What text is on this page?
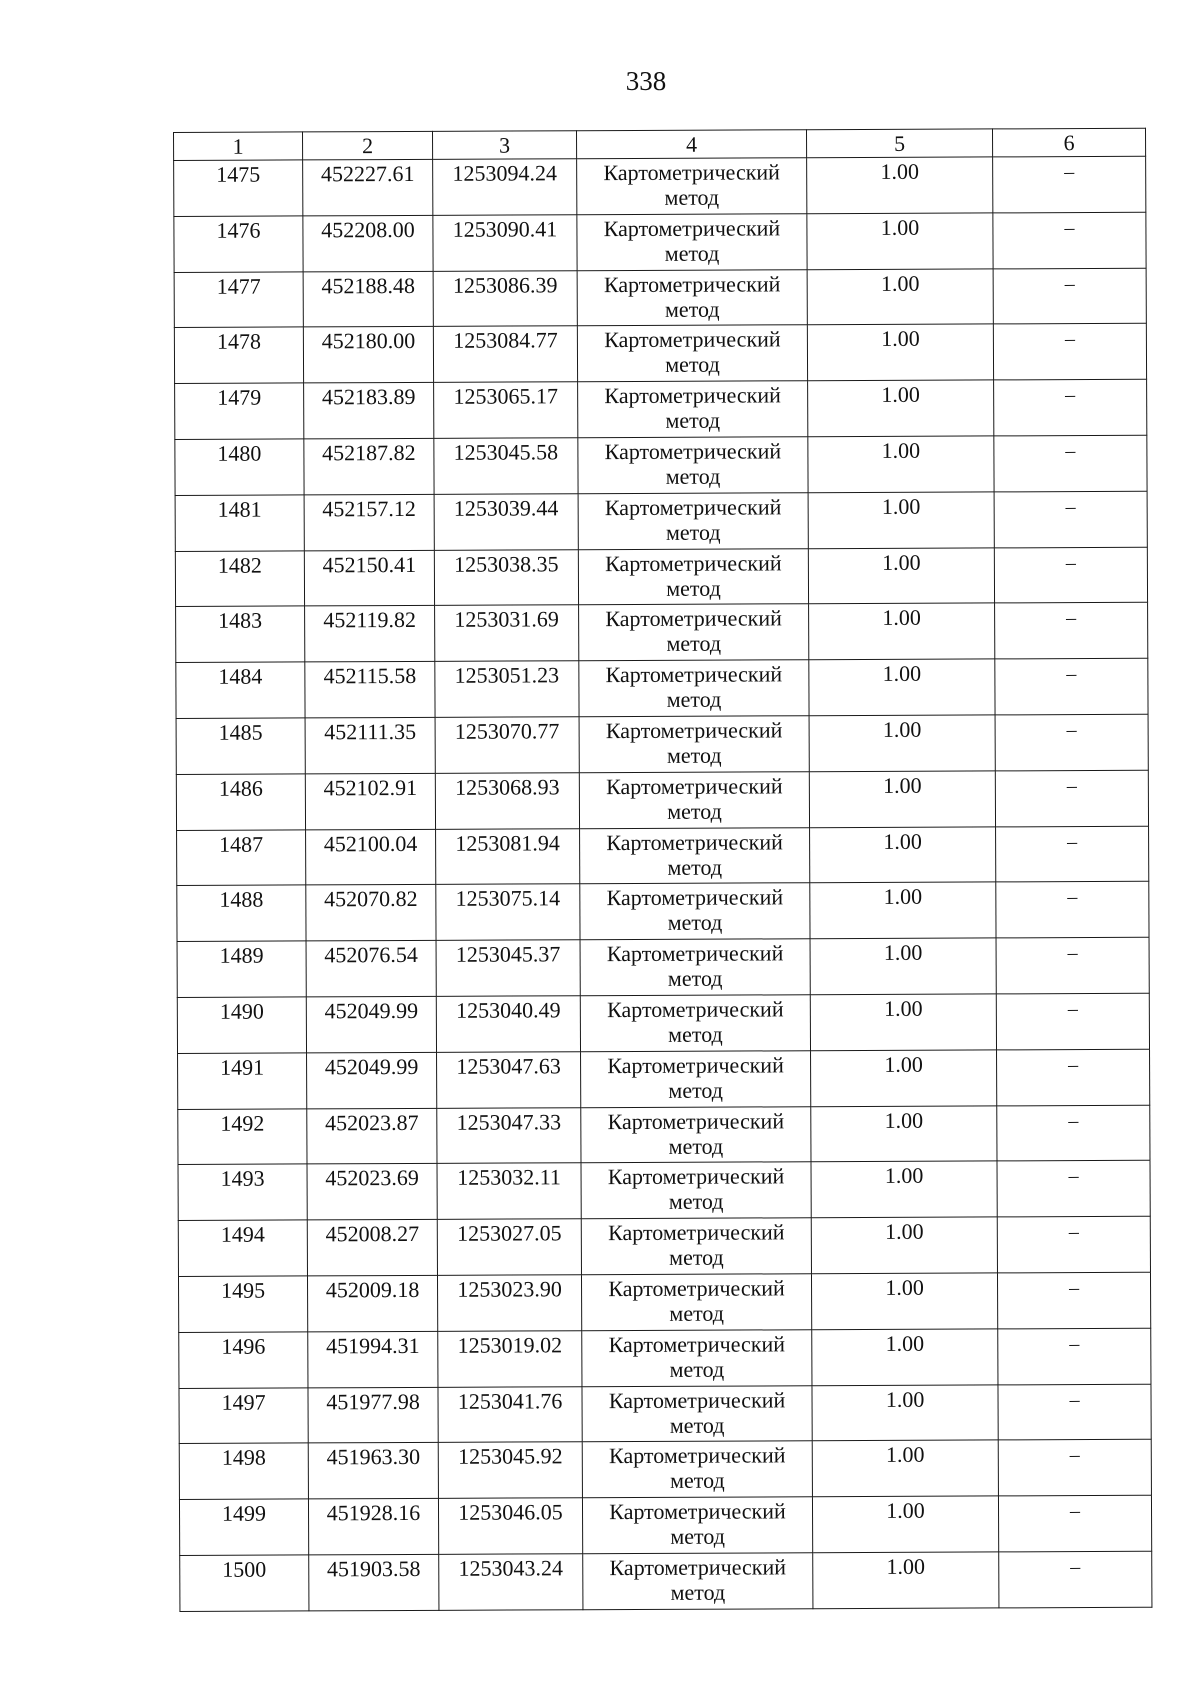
338
1	2	3	4	5	6
1475	452227.61	1253094.24	Картометрический
метод	1.00	–
1476	452208.00	1253090.41	Картометрический
метод	1.00	–
1477	452188.48	1253086.39	Картометрический
метод	1.00	–
1478	452180.00	1253084.77	Картометрический
метод	1.00	–
1479	452183.89	1253065.17	Картометрический
метод	1.00	–
1480	452187.82	1253045.58	Картометрический
метод	1.00	–
1481	452157.12	1253039.44	Картометрический
метод	1.00	–
1482	452150.41	1253038.35	Картометрический
метод	1.00	–
1483	452119.82	1253031.69	Картометрический
метод	1.00	–
1484	452115.58	1253051.23	Картометрический
метод	1.00	–
1485	452111.35	1253070.77	Картометрический
метод	1.00	–
1486	452102.91	1253068.93	Картометрический
метод	1.00	–
1487	452100.04	1253081.94	Картометрический
метод	1.00	–
1488	452070.82	1253075.14	Картометрический
метод	1.00	–
1489	452076.54	1253045.37	Картометрический
метод	1.00	–
1490	452049.99	1253040.49	Картометрический
метод	1.00	–
1491	452049.99	1253047.63	Картометрический
метод	1.00	–
1492	452023.87	1253047.33	Картометрический
метод	1.00	–
1493	452023.69	1253032.11	Картометрический
метод	1.00	–
1494	452008.27	1253027.05	Картометрический
метод	1.00	–
1495	452009.18	1253023.90	Картометрический
метод	1.00	–
1496	451994.31	1253019.02	Картометрический
метод	1.00	–
1497	451977.98	1253041.76	Картометрический
метод	1.00	–
1498	451963.30	1253045.92	Картометрический
метод	1.00	–
1499	451928.16	1253046.05	Картометрический
метод	1.00	–
1500	451903.58	1253043.24	Картометрический
метод	1.00	–
